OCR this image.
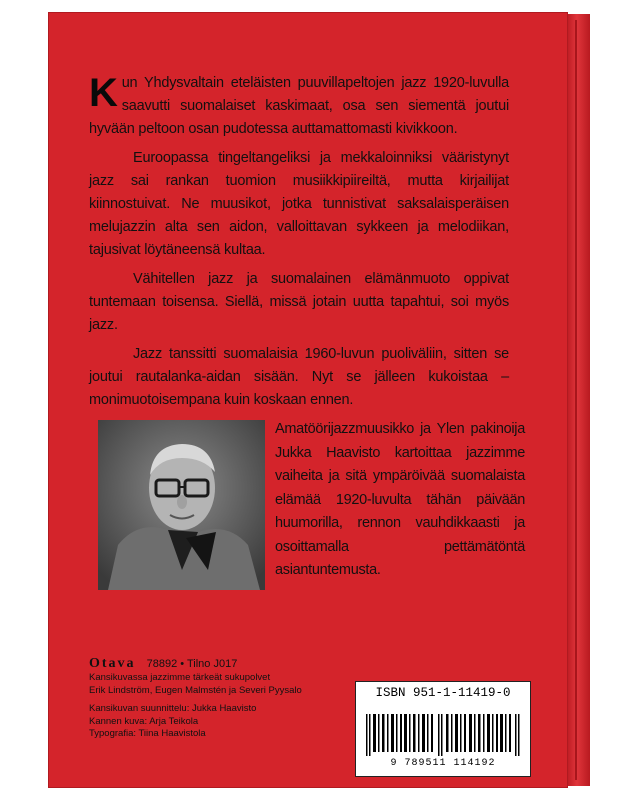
Kun Yhdysvaltain eteläisten puuvillapeltojen jazz 1920-luvulla saavutti suomalaiset kaskimaat, osa sen siementä joutui hyvään peltoon osan pudotessa auttamattomasti kivikkoon.

Euroopassa tingeltangeliksi ja mekkaloinniksi vääristynyt jazz sai rankan tuomion musiikkipiireiltä, mutta kirjailijat kiinnostuivat. Ne muusikot, jotka tunnistivat saksalaisperäisen melujazzin alta sen aidon, valloittavan sykkeen ja melodiikan, tajusivat löytäneensä kultaa.

Vähitellen jazz ja suomalainen elämänmuoto oppivat tuntemaan toisensa. Siellä, missä jotain uutta tapahtui, soi myös jazz.

Jazz tanssitti suomalaisia 1960-luvun puoliväliin, sitten se joutui rautalanka-aidan sisään. Nyt se jälleen kukoistaa – monimuotoisempana kuin koskaan ennen.

Amatöörijazzmuusikko ja Ylen pakinoija Jukka Haavisto kartoittaa jazzimme vaiheita ja sitä ympäröivää suomalaista elämää 1920-luvulta tähän päivään huumorilla, rennon vauhdikkaasti ja osoittamalla pettämätöntä asiantuntemusta.
Otava 78892 • Tilno J017
Kansikuvassa jazzimme tärkeät sukupolvet
Erik Lindström, Eugen Malmstén ja Severi Pyysalo
Kansikuvan suunnittelu: Jukka Haavisto
Kannen kuva: Arja Teikola
Typografia: Tiina Haavistola
ISBN 951-1-11419-0
9 789511 114192
